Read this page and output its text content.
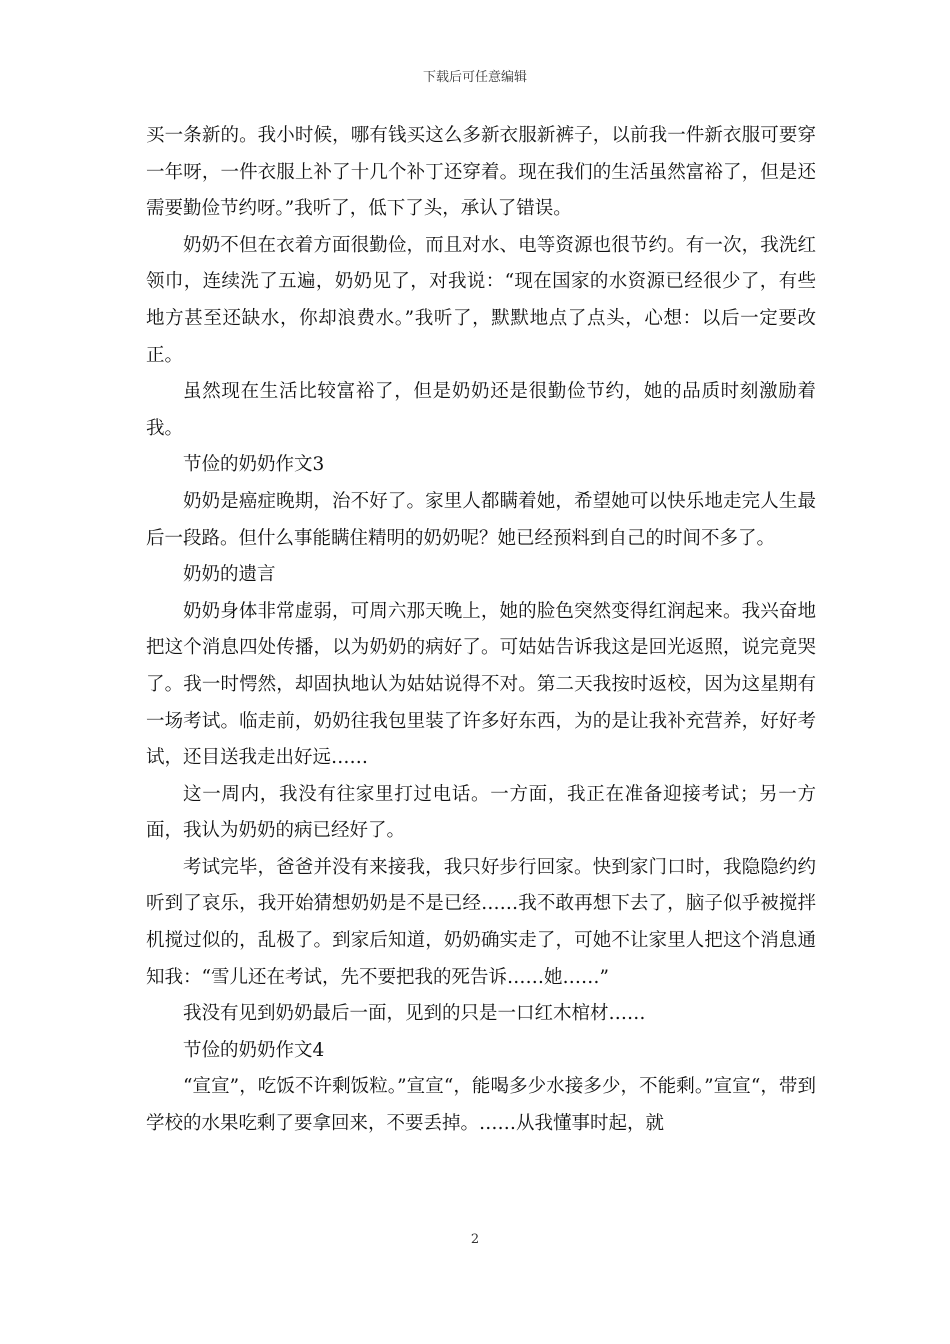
下载后可任意编辑

买一条新的。我小时候，哪有钱买这么多新衣服新裤子，以前我一件新衣服可要穿一年呀，一件衣服上补了十几个补丁还穿着。现在我们的生活虽然富裕了，但是还需要勤俭节约呀。”我听了，低下了头，承认了错误。

奶奶不但在衣着方面很勤俭，而且对水、电等资源也很节约。有一次，我洗红领巾，连续洗了五遍，奶奶见了，对我说：“现在国家的水资源已经很少了，有些地方甚至还缺水，你却浪费水。”我听了，默默地点了点头，心想：以后一定要改正。

虽然现在生活比较富裕了，但是奶奶还是很勤俭节约，她的品质时刻激励着我。

节俭的奶奶作文3

奶奶是癌症晚期，治不好了。家里人都瞒着她，希望她可以快乐地走完人生最后一段路。但什么事能瞒住精明的奶奶呢？她已经预料到自己的时间不多了。

奶奶的遗言

奶奶身体非常虚弱，可周六那天晚上，她的脸色突然变得红润起来。我兴奋地把这个消息四处传播，以为奶奶的病好了。可姑姑告诉我这是回光返照，说完竟哭了。我一时愕然，却固执地认为姑姑说得不对。第二天我按时返校，因为这星期有一场考试。临走前，奶奶往我包里装了许多好东西，为的是让我补充营养，好好考试，还目送我走出好远……

这一周内，我没有往家里打过电话。一方面，我正在准备迎接考试；另一方面，我认为奶奶的病已经好了。

考试完毕，爸爸并没有来接我，我只好步行回家。快到家门口时，我隐隐约约听到了哀乐，我开始猜想奶奶是不是已经……我不敢再想下去了，脑子似乎被搅拌机搅过似的，乱极了。到家后知道，奶奶确实走了，可她不让家里人把这个消息通知我：“雪儿还在考试，先不要把我的死告诉……她……”

我没有见到奶奶最后一面，见到的只是一口红木棺材……

节俭的奶奶作文4

“宣宣”，吃饭不许剩饭粒。”宣宣“，能喝多少水接多少，不能剩。”宣宣“，带到学校的水果吃剩了要拿回来，不要丢掉。……从我懂事时起，就

2
